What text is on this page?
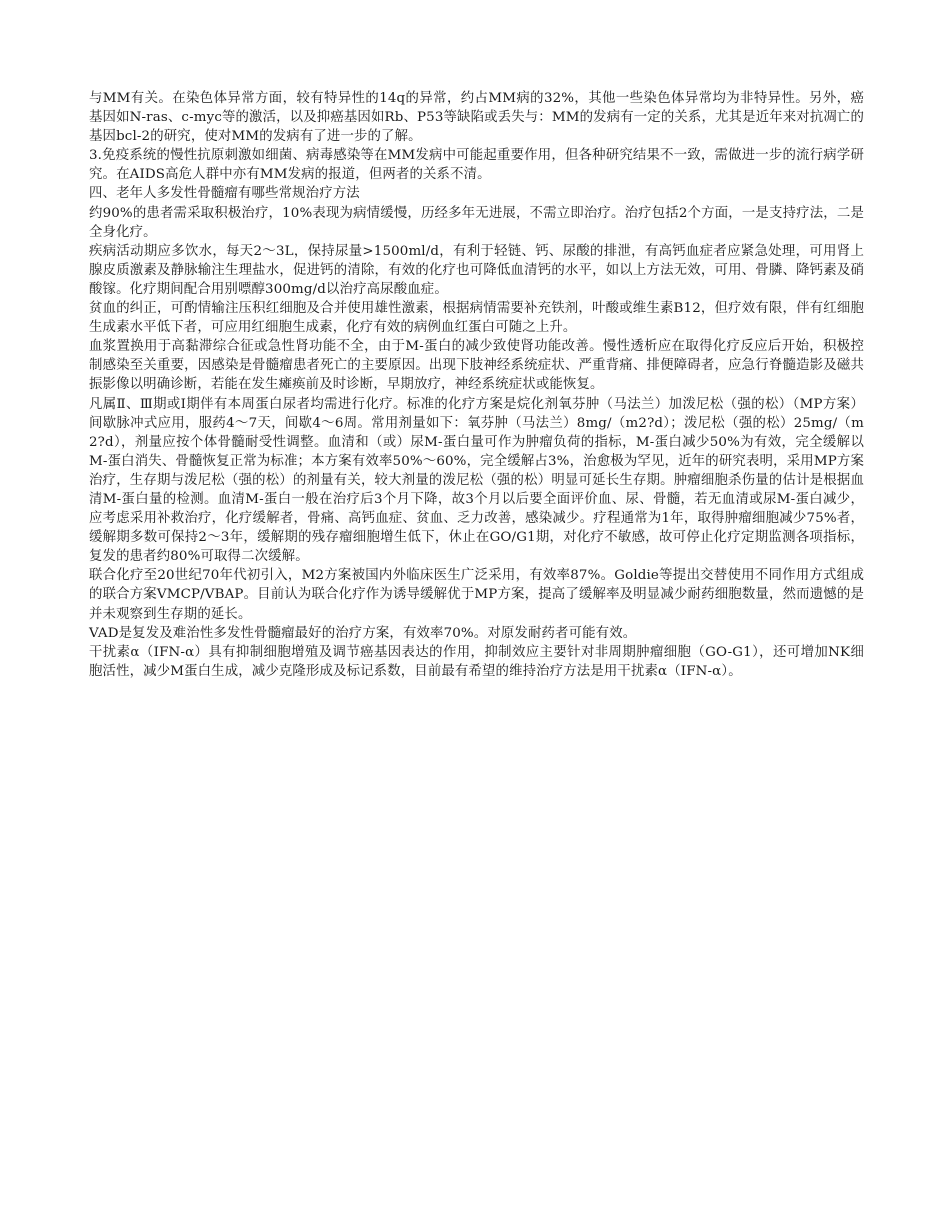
与MM有关。在染色体异常方面，较有特异性的14q的异常，约占MM病的32%，其他一些染色体异常均为非特异性。另外，癌基因如N-ras、c-myc等的激活，以及抑癌基因如Rb、P53等缺陷或丢失与：MM的发病有一定的关系，尤其是近年来对抗凋亡的基因bcl-2的研究，使对MM的发病有了进一步的了解。

3.免疫系统的慢性抗原刺激如细菌、病毒感染等在MM发病中可能起重要作用，但各种研究结果不一致，需做进一步的流行病学研究。在AIDS高危人群中亦有MM发病的报道，但两者的关系不清。

四、老年人多发性骨髓瘤有哪些常规治疗方法

约90%的患者需采取积极治疗，10%表现为病情缓慢，历经多年无进展，不需立即治疗。治疗包括2个方面，一是支持疗法，二是全身化疗。

疾病活动期应多饮水，每天2～3L，保持尿量>1500ml/d，有利于轻链、钙、尿酸的排泄，有高钙血症者应紧急处理，可用肾上腺皮质激素及静脉输注生理盐水，促进钙的清除，有效的化疗也可降低血清钙的水平，如以上方法无效，可用、骨膦、降钙素及硝酸镓。化疗期间配合用别嘌醇300mg/d以治疗高尿酸血症。

贫血的纠正，可酌情输注压积红细胞及合并使用雄性激素，根据病情需要补充铁剂，叶酸或维生素B12，但疗效有限，伴有红细胞生成素水平低下者，可应用红细胞生成素，化疗有效的病例血红蛋白可随之上升。

血浆置换用于高黏滞综合征或急性肾功能不全，由于M-蛋白的减少致使肾功能改善。慢性透析应在取得化疗反应后开始，积极控制感染至关重要，因感染是骨髓瘤患者死亡的主要原因。出现下肢神经系统症状、严重背痛、排便障碍者，应急行脊髓造影及磁共振影像以明确诊断，若能在发生瘫痪前及时诊断，早期放疗，神经系统症状或能恢复。

凡属Ⅱ、Ⅲ期或Ⅰ期伴有本周蛋白尿者均需进行化疗。标准的化疗方案是烷化剂氧芬肿（马法兰）加泼尼松（强的松）（MP方案）间歇脉冲式应用，服药4～7天，间歇4～6周。常用剂量如下：氧芬肿（马法兰）8mg/（m2?d）；泼尼松（强的松）25mg/（m2?d），剂量应按个体骨髓耐受性调整。血清和（或）尿M-蛋白量可作为肿瘤负荷的指标，M-蛋白减少50%为有效，完全缓解以M-蛋白消失、骨髓恢复正常为标准；本方案有效率50%～60%，完全缓解占3%，治愈极为罕见，近年的研究表明，采用MP方案治疗，生存期与泼尼松（强的松）的剂量有关，较大剂量的泼尼松（强的松）明显可延长生存期。肿瘤细胞杀伤量的估计是根据血清M-蛋白量的检测。血清M-蛋白一般在治疗后3个月下降，故3个月以后要全面评价血、尿、骨髓，若无血清或尿M-蛋白减少，应考虑采用补救治疗，化疗缓解者，骨痛、高钙血症、贫血、乏力改善，感染减少。疗程通常为1年，取得肿瘤细胞减少75%者，缓解期多数可保持2～3年，缓解期的残存瘤细胞增生低下，休止在GO/G1期，对化疗不敏感，故可停止化疗定期监测各项指标，复发的患者约80%可取得二次缓解。

联合化疗至20世纪70年代初引入，M2方案被国内外临床医生广泛采用，有效率87%。Goldie等提出交替使用不同作用方式组成的联合方案VMCP/VBAP。目前认为联合化疗作为诱导缓解优于MP方案，提高了缓解率及明显减少耐药细胞数量，然而遗憾的是并未观察到生存期的延长。

VAD是复发及难治性多发性骨髓瘤最好的治疗方案，有效率70%。对原发耐药者可能有效。

干扰素α（IFN-α）具有抑制细胞增殖及调节癌基因表达的作用，抑制效应主要针对非周期肿瘤细胞（GO-G1），还可增加NK细胞活性，减少M蛋白生成，减少克隆形成及标记系数，目前最有希望的维持治疗方法是用干扰素α（IFN-α）。
